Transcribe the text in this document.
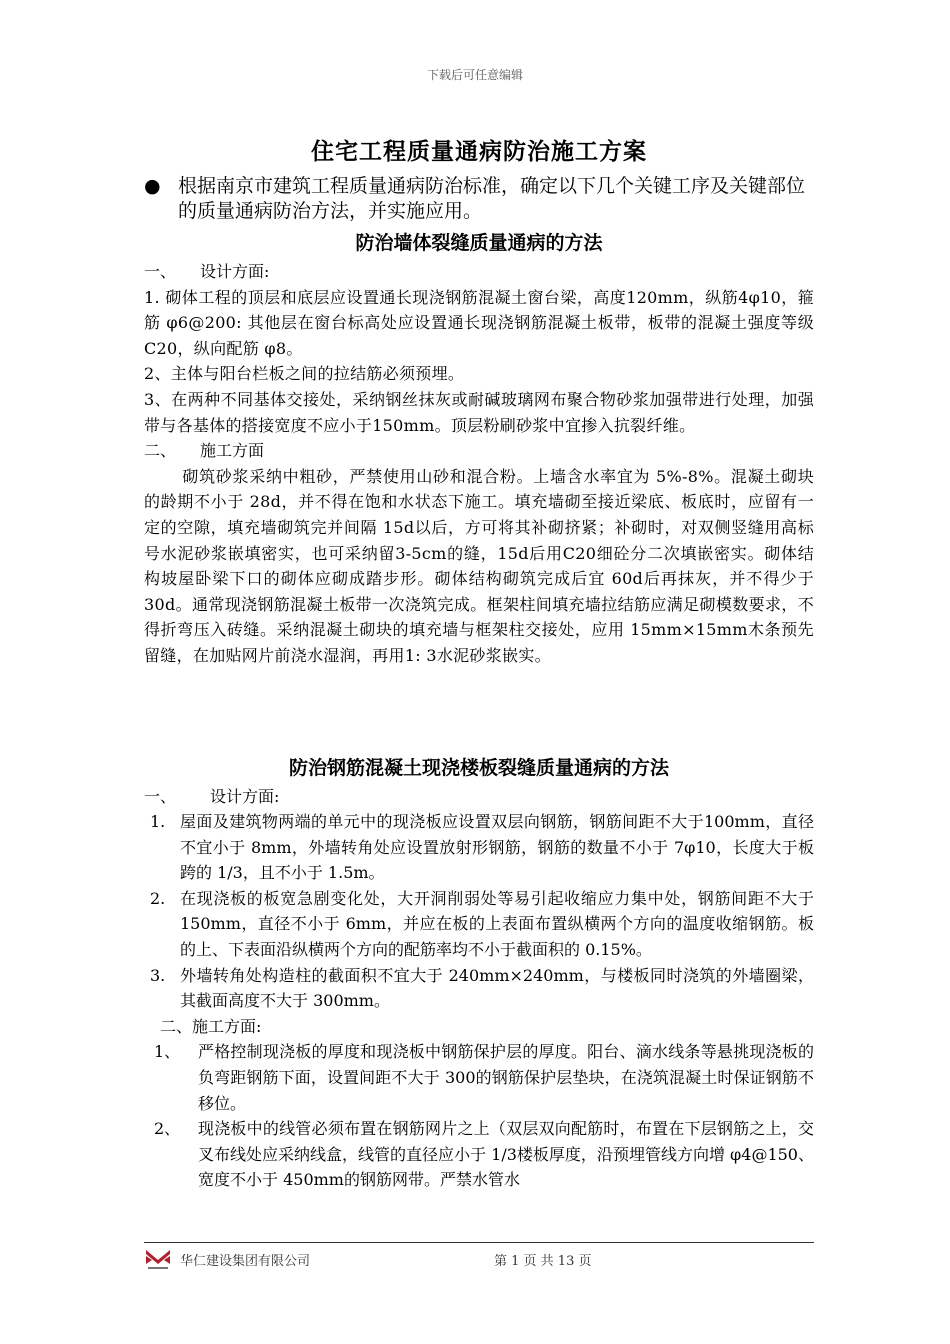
下载后可任意编辑
住宅工程质量通病防治施工方案
● 根据南京市建筑工程质量通病防治标准，确定以下几个关键工序及关键部位的质量通病防治方法，并实施应用。
防治墙体裂缝质量通病的方法
一、 设计方面:

1. 砌体工程的顶层和底层应设置通长现浇钢筋混凝土窗台梁，高度120mm，纵筋4φ10，箍筋 φ6@200: 其他层在窗台标高处应设置通长现浇钢筋混凝土板带，板带的混凝土强度等级C20，纵向配筋 φ8。

2、主体与阳台栏板之间的拉结筋必须预埋。

3、在两种不同基体交接处，采纳钢丝抹灰或耐碱玻璃网布聚合物砂浆加强带进行处理，加强带与各基体的搭接宽度不应小于150mm。顶层粉刷砂浆中宜掺入抗裂纤维。

二、 施工方面

砌筑砂浆采纳中粗砂，严禁使用山砂和混合粉。上墙含水率宜为 5%-8%。混凝土砌块的龄期不小于 28d，并不得在饱和水状态下施工。填充墙砌至接近梁底、板底时，应留有一定的空隙，填充墙砌筑完并间隔 15d以后，方可将其补砌挤紧；补砌时，对双侧竖缝用高标号水泥砂浆嵌填密实，也可采纳留3-5cm的缝，15d后用C20细砼分二次填嵌密实。砌体结构坡屋卧梁下口的砌体应砌成踏步形。砌体结构砌筑完成后宜 60d后再抹灰，并不得少于30d。通常现浇钢筋混凝土板带一次浇筑完成。框架柱间填充墙拉结筋应满足砌模数要求，不得折弯压入砖缝。采纳混凝土砌块的填充墙与框架柱交接处，应用 15mm×15mm木条预先留缝，在加贴网片前浇水湿润，再用1: 3水泥砂浆嵌实。

防治钢筋混凝土现浇楼板裂缝质量通病的方法
一、 设计方面:
1. 屋面及建筑物两端的单元中的现浇板应设置双层向钢筋，钢筋间距不大于100mm，直径不宜小于 8mm，外墙转角处应设置放射形钢筋，钢筋的数量不小于 7φ10，长度大于板跨的 1/3，且不小于 1.5m。
2. 在现浇板的板宽急剧变化处，大开洞削弱处等易引起收缩应力集中处，钢筋间距不大于 150mm，直径不小于 6mm，并应在板的上表面布置纵横两个方向的温度收缩钢筋。板的上、下表面沿纵横两个方向的配筋率均不小于截面积的 0.15%。
3. 外墙转角处构造柱的截面积不宜大于 240mm×240mm，与楼板同时浇筑的外墙圈梁，其截面高度不大于 300mm。
二、施工方面:
1、	严格控制现浇板的厚度和现浇板中钢筋保护层的厚度。阳台、滴水线条等悬挑现浇板的负弯距钢筋下面，设置间距不大于 300的钢筋保护层垫块，在浇筑混凝土时保证钢筋不移位。
2、	现浇板中的线管必须布置在钢筋网片之上（双层双向配筋时，布置在下层钢筋之上，交叉布线处应采纳线盒，线管的直径应小于 1/3楼板厚度，沿预埋管线方向增 φ4@150、宽度不小于 450mm的钢筋网带。严禁水管水
华仁建设集团有限公司	第 1 页 共 13 页
